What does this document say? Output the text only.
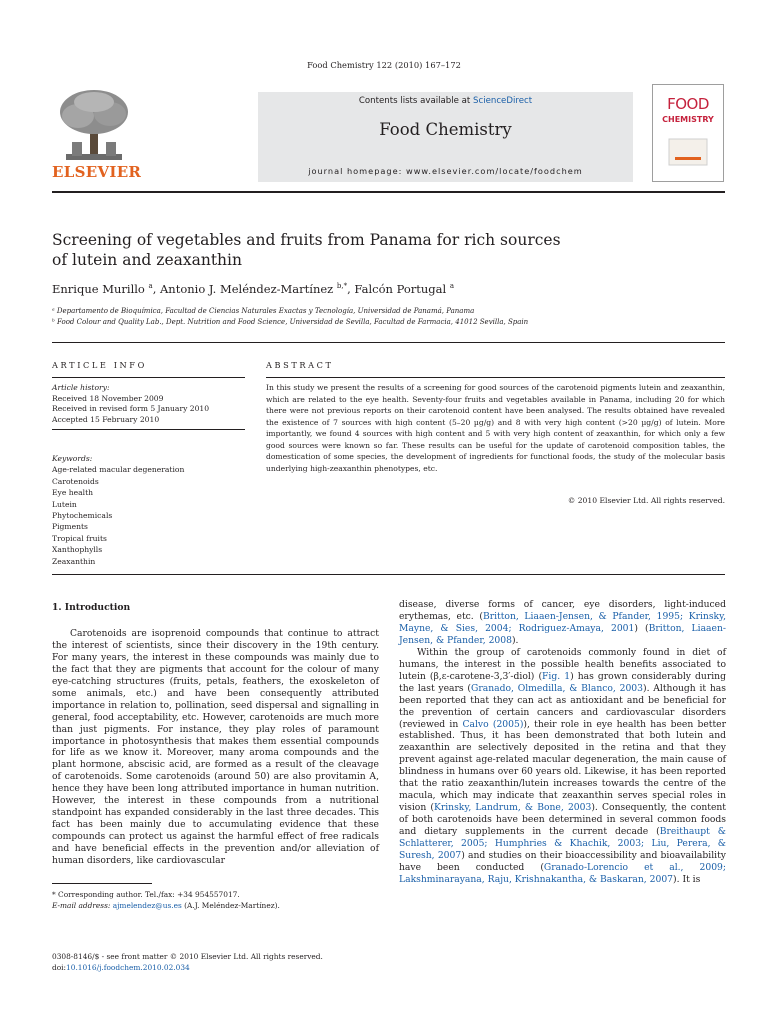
Food Chemistry 122 (2010) 167–172
ELSEVIER
Contents lists available at ScienceDirect
Food Chemistry
journal homepage: www.elsevier.com/locate/foodchem
FOOD
CHEMISTRY
Screening of vegetables and fruits from Panama for rich sources
of lutein and zeaxanthin
Enrique Murillo $^a$, Antonio J. Meléndez-Martínez $^{b,*}$, Falcón Portugal $^a$
ᵃ Departamento de Bioquímica, Facultad de Ciencias Naturales Exactas y Tecnología, Universidad de Panamá, Panama
ᵇ Food Colour and Quality Lab., Dept. Nutrition and Food Science, Universidad de Sevilla, Facultad de Farmacia, 41012 Sevilla, Spain
ARTICLE INFO
Article history:
Received 18 November 2009
Received in revised form 5 January 2010
Accepted 15 February 2010
Keywords:
Age-related macular degeneration
Carotenoids
Eye health
Lutein
Phytochemicals
Pigments
Tropical fruits
Xanthophylls
Zeaxanthin
ABSTRACT
In this study we present the results of a screening for good sources of the carotenoid pigments lutein and zeaxanthin, which are related to the eye health. Seventy-four fruits and vegetables available in Panama, including 20 for which there were not previous reports on their carotenoid content have been analysed. The results obtained have revealed the existence of 7 sources with high content (5–20 µg/g) and 8 with very high content (>20 µg/g) of lutein. More importantly, we found 4 sources with high content and 5 with very high content of zeaxanthin, for which only a few good sources were known so far. These results can be useful for the update of carotenoid composition tables, the domestication of some species, the development of ingredients for functional foods, the study of the molecular basis underlying high-zeaxanthin phenotypes, etc.
© 2010 Elsevier Ltd. All rights reserved.
1. Introduction

Carotenoids are isoprenoid compounds that continue to attract the interest of scientists, since their discovery in the 19th century. For many years, the interest in these compounds was mainly due to the fact that they are pigments that account for the colour of many eye-catching structures (fruits, petals, feathers, the exoskeleton of some animals, etc.) and have been consequently attributed importance in relation to, pollination, seed dispersal and signalling in general, food acceptability, etc. However, carotenoids are much more than just pigments. For instance, they play roles of paramount importance in photosynthesis that makes them essential compounds for life as we know it. Moreover, many aroma compounds and the plant hormone, abscisic acid, are formed as a result of the cleavage of carotenoids. Some carotenoids (around 50) are also provitamin A, hence they have been long attributed importance in human nutrition. However, the interest in these compounds from a nutritional standpoint has expanded considerably in the last three decades. This fact has been mainly due to accumulating evidence that these compounds can protect us against the harmful effect of free radicals and have beneficial effects in the prevention and/or alleviation of human disorders, like cardiovascular

disease, diverse forms of cancer, eye disorders, light-induced erythemas, etc. (Britton, Liaaen-Jensen, & Pfander, 1995; Krinsky, Mayne, & Sies, 2004; Rodriguez-Amaya, 2001) (Britton, Liaaen-Jensen, & Pfander, 2008).

Within the group of carotenoids commonly found in diet of humans, the interest in the possible health benefits associated to lutein (β,ε-carotene-3,3′-diol) (Fig. 1) has grown considerably during the last years (Granado, Olmedilla, & Blanco, 2003). Although it has been reported that they can act as antioxidant and be beneficial for the prevention of certain cancers and cardiovascular disorders (reviewed in Calvo (2005)), their role in eye health has been better established. Thus, it has been demonstrated that both lutein and zeaxanthin are selectively deposited in the retina and that they prevent against age-related macular degeneration, the main cause of blindness in humans over 60 years old. Likewise, it has been reported that the ratio zeaxanthin/lutein increases towards the centre of the macula, which may indicate that zeaxanthin serves special roles in vision (Krinsky, Landrum, & Bone, 2003). Consequently, the content of both carotenoids have been determined in several common foods and dietary supplements in the current decade (Breithaupt & Schlatterer, 2005; Humphries & Khachik, 2003; Liu, Perera, & Suresh, 2007) and studies on their bioaccessibility and bioavailability have been conducted (Granado-Lorencio et al., 2009; Lakshminarayana, Raju, Krishnakantha, & Baskaran, 2007). It is

* Corresponding author. Tel./fax: +34 954557017.
E-mail address: ajmelendez@us.es (A.J. Meléndez-Martínez).
0308-8146/$ - see front matter © 2010 Elsevier Ltd. All rights reserved.
doi:10.1016/j.foodchem.2010.02.034
